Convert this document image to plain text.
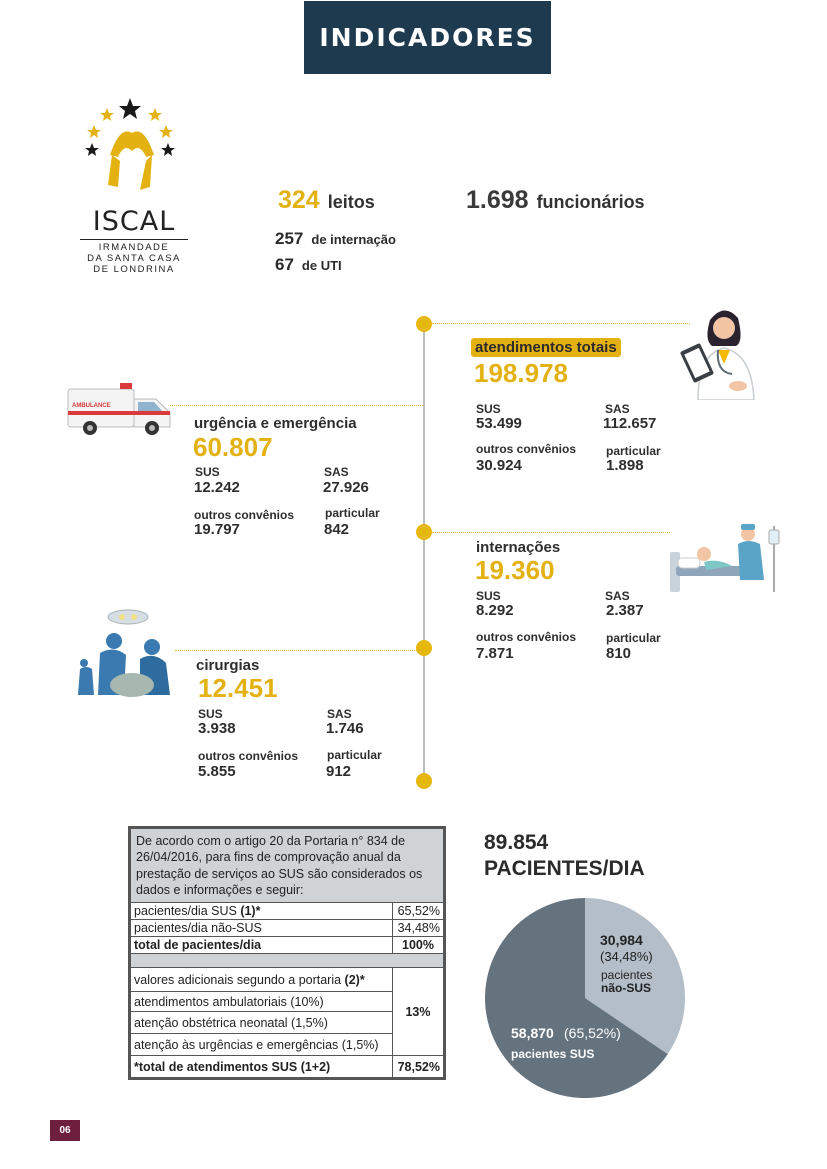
INDICADORES
ISCAL
IRMANDADE
DA SANTA CASA
DE LONDRINA
324 leitos	1.698 funcionários
257 de internação
67 de UTI
atendimentos totais
198.978
SUS
53.499
SAS
112.657
outros convênios
30.924
particular
1.898
AMBULANCE
urgência e emergência
60.807
SUS
12.242
SAS
27.926
outros convênios
19.797
particular
842
internações
19.360
SUS
8.292
SAS
2.387
outros convênios
7.871
particular
810
cirurgias
12.451
SUS
3.938
SAS
1.746
outros convênios
5.855
particular
912
De acordo com o artigo 20 da Portaria n° 834 de 26/04/2016, para fins de comprovação anual da prestação de serviços ao SUS são considerados os dados e informações e seguir:	
pacientes/dia SUS (1)*	65,52%
pacientes/dia não-SUS	34,48%
total de pacientes/dia	100%

valores adicionais segundo a portaria (2)*	13%
atendimentos ambulatoriais (10%)	
atenção obstétrica neonatal (1,5%)	
atenção às urgências e emergências (1,5%)	
*total de atendimentos SUS (1+2)	78,52%
89.854
PACIENTES/DIA
30,984
(34,48%)
pacientes
não-SUS
58,870 (65,52%)
pacientes SUS
06
